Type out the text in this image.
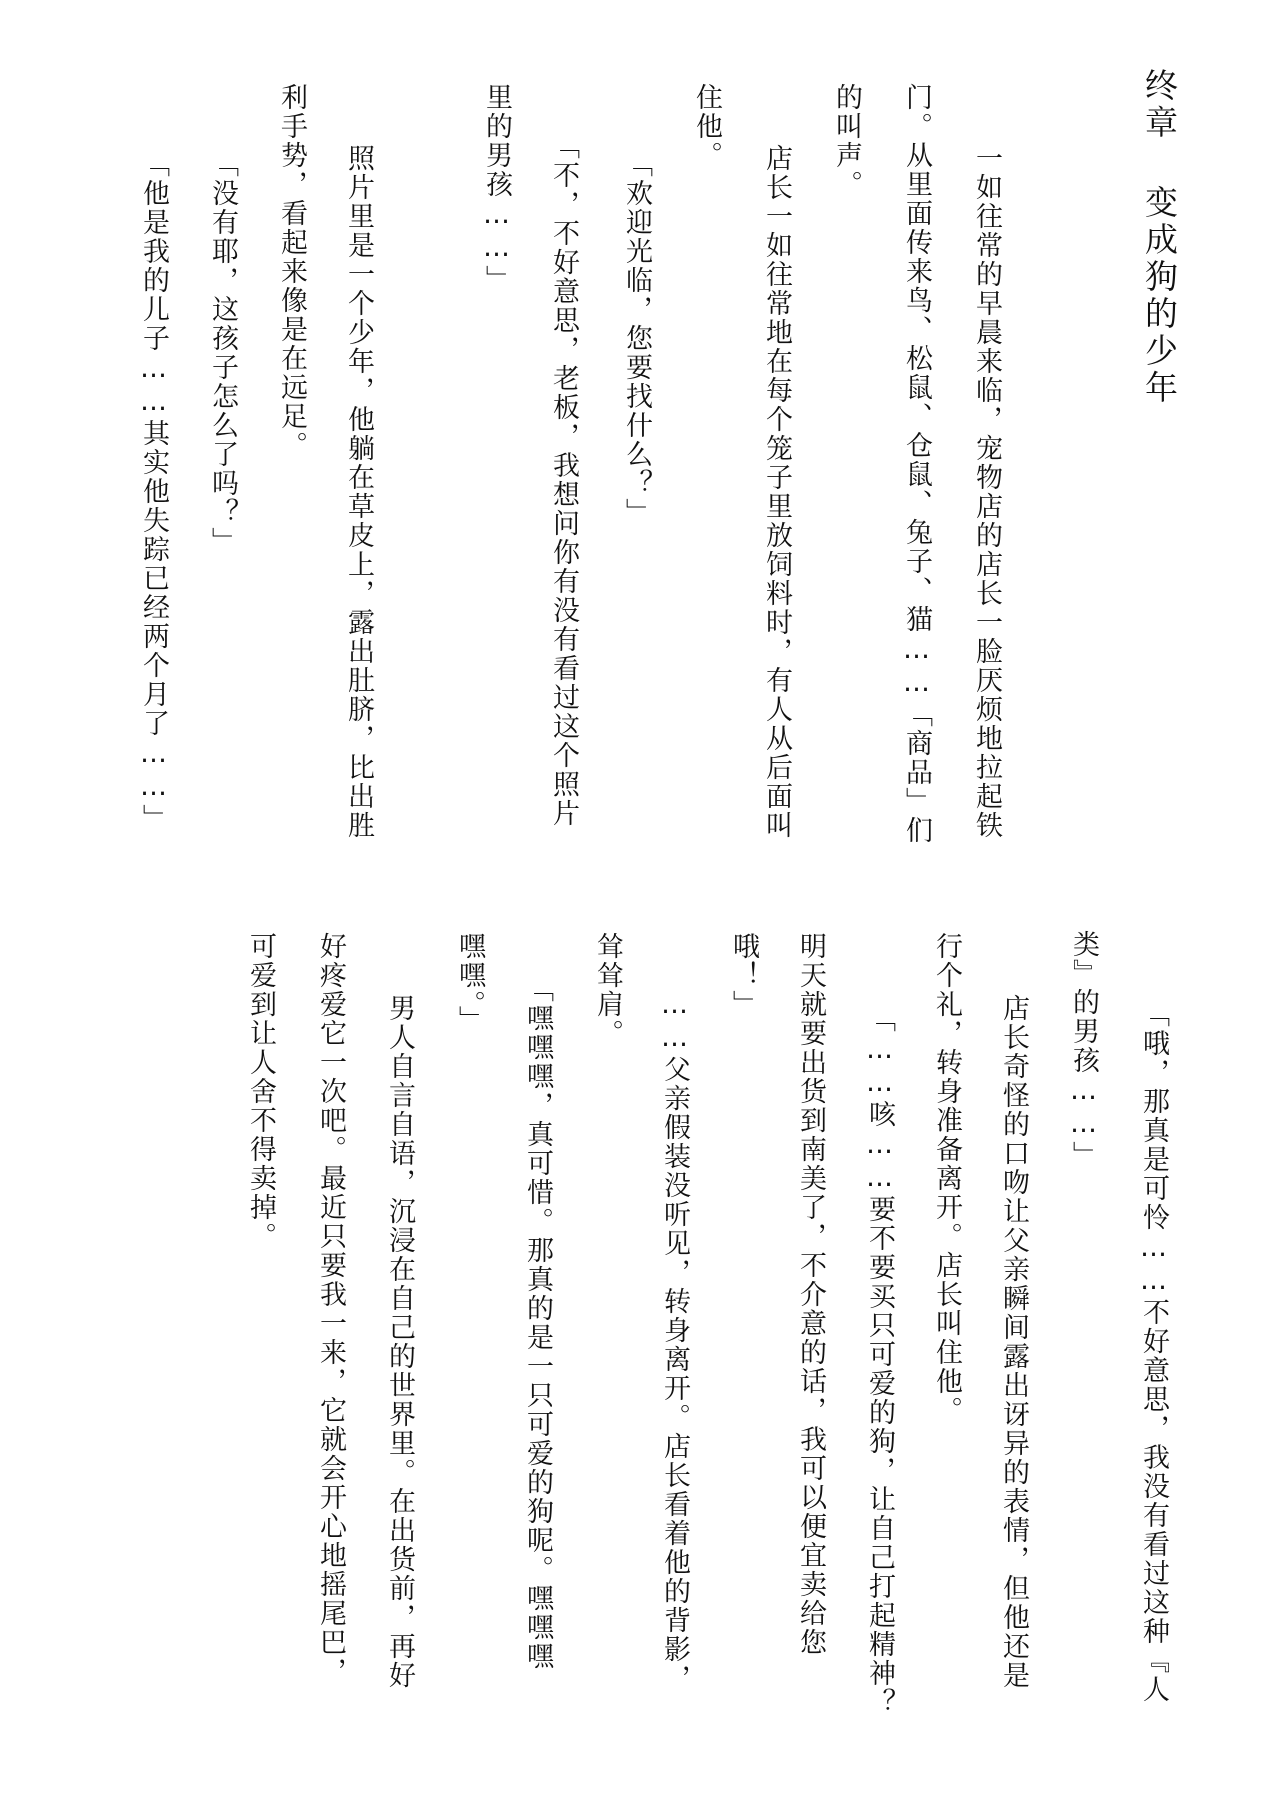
终章 变成狗的少年
　一如往常的早晨来临，宠物店的店长一脸厌烦地拉起铁
门。从里面传来鸟、松鼠、仓鼠、兔子、猫……「商品」们
的叫声。
　店长一如往常地在每个笼子里放饲料时，有人从后面叫
住他。
「欢迎光临，您要找什么？」
「不，不好意思，老板，我想问你有没有看过这个照片
里的男孩……」
　照片里是一个少年，他躺在草皮上，露出肚脐，比出胜
利手势，看起来像是在远足。
「没有耶，这孩子怎么了吗？」
「他是我的儿子……其实他失踪已经两个月了……」
「哦，那真是可怜……不好意思，我没有看过这种『人
类』的男孩……」
　店长奇怪的口吻让父亲瞬间露出讶异的表情，但他还是
行个礼，转身准备离开。店长叫住他。
「……咳……要不要买只可爱的狗，让自己打起精神？
明天就要出货到南美了，不介意的话，我可以便宜卖给您
哦！」
　……父亲假装没听见，转身离开。店长看着他的背影，
耸耸肩。
「嘿嘿嘿，真可惜。那真的是一只可爱的狗呢。嘿嘿嘿
嘿嘿。」
　男人自言自语，沉浸在自己的世界里。在出货前，再好
好疼爱它一次吧。最近只要我一来，它就会开心地摇尾巴，
可爱到让人舍不得卖掉。
